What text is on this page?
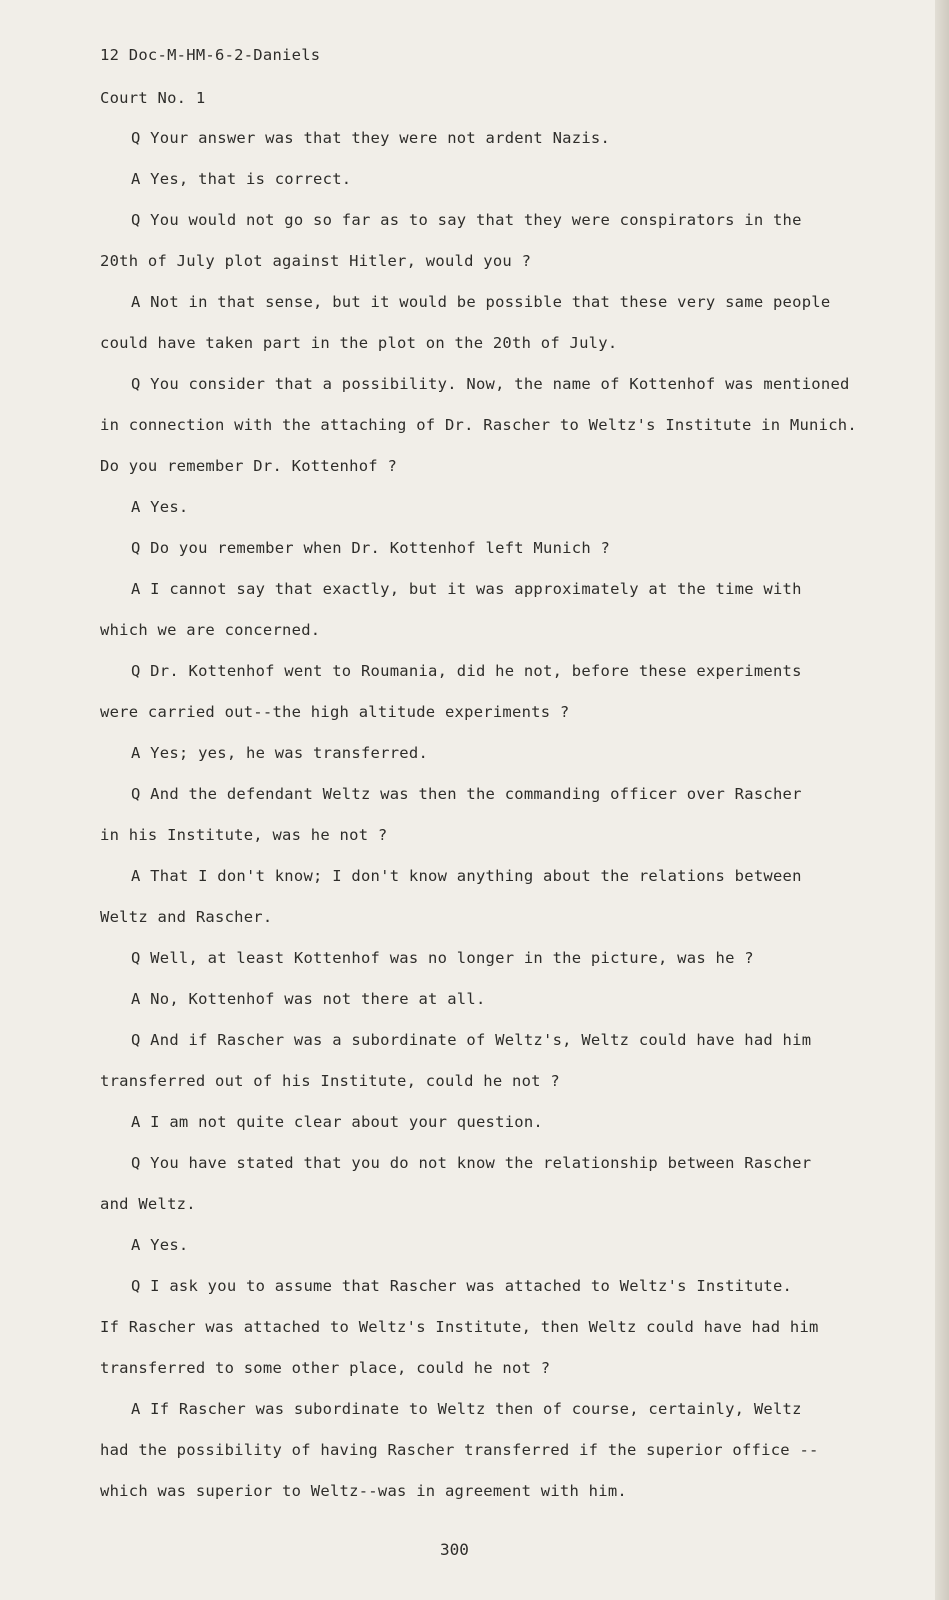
12 Doc-M-HM-6-2-Daniels

Court No. 1

Q Your answer was that they were not ardent Nazis.

A Yes, that is correct.

Q You would not go so far as to say that they were conspirators in the

20th of July plot against Hitler, would you ?

A Not in that sense, but it would be possible that these very same people

could have taken part in the plot on the 20th of July.

Q You consider that a possibility. Now, the name of Kottenhof was mentioned

in connection with the attaching of Dr. Rascher to Weltz's Institute in Munich.

Do you remember Dr. Kottenhof ?

A Yes.

Q Do you remember when Dr. Kottenhof left Munich ?

A I cannot say that exactly, but it was approximately at the time with

which we are concerned.

Q Dr. Kottenhof went to Roumania, did he not, before these experiments

were carried out--the high altitude experiments ?

A Yes; yes, he was transferred.

Q And the defendant Weltz was then the commanding officer over Rascher

in his Institute, was he not ?

A That I don't know; I don't know anything about the relations between

Weltz and Rascher.

Q Well, at least Kottenhof was no longer in the picture, was he ?

A No, Kottenhof was not there at all.

Q And if Rascher was a subordinate of Weltz's, Weltz could have had him

transferred out of his Institute, could he not ?

A I am not quite clear about your question.

Q You have stated that you do not know the relationship between Rascher

and Weltz.

A Yes.

Q I ask you to assume that Rascher was attached to Weltz's Institute.

If Rascher was attached to Weltz's Institute, then Weltz could have had him

transferred to some other place, could he not ?

A If Rascher was subordinate to Weltz then of course, certainly, Weltz

had the possibility of having Rascher transferred if the superior office --

which was superior to Weltz--was in agreement with him.

300
